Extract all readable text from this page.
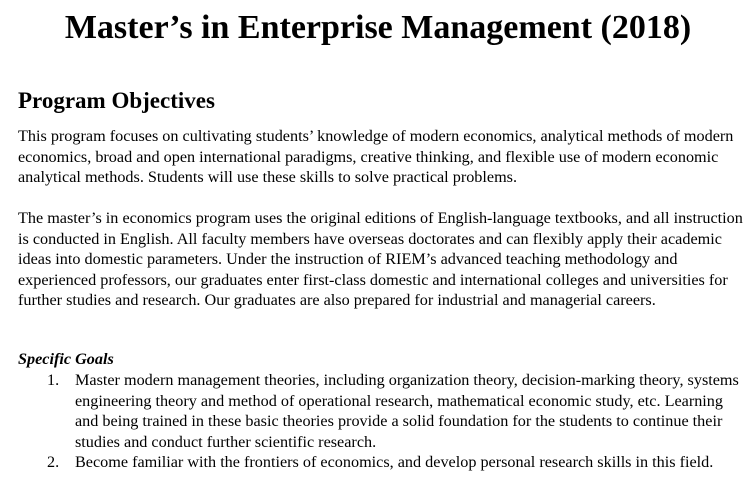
Master’s in Enterprise Management (2018)
Program Objectives

This program focuses on cultivating students’ knowledge of modern economics, analytical methods of modern economics, broad and open international paradigms, creative thinking, and flexible use of modern economic analytical methods. Students will use these skills to solve practical problems.

The master’s in economics program uses the original editions of English-language textbooks, and all instruction is conducted in English. All faculty members have overseas doctorates and can flexibly apply their academic ideas into domestic parameters. Under the instruction of RIEM’s advanced teaching methodology and experienced professors, our graduates enter first-class domestic and international colleges and universities for further studies and research. Our graduates are also prepared for industrial and managerial careers.

Specific Goals
1. Master modern management theories, including organization theory, decision-marking theory, systems engineering theory and method of operational research, mathematical economic study, etc. Learning and being trained in these basic theories provide a solid foundation for the students to continue their studies and conduct further scientific research.
2. Become familiar with the frontiers of economics, and develop personal research skills in this field.
